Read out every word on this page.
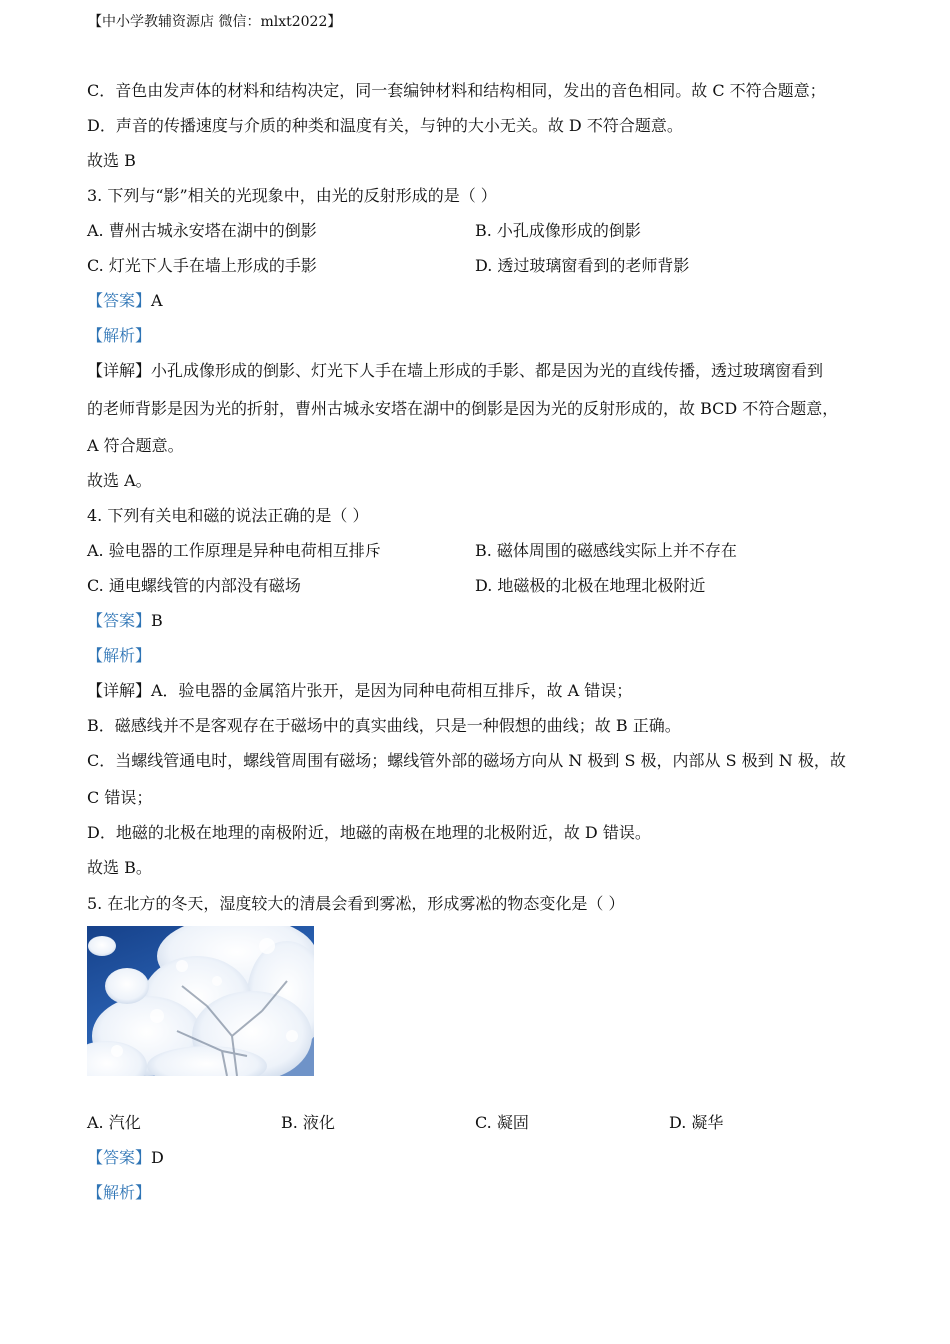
【中小学教辅资源店 微信：mlxt2022】
C．音色由发声体的材料和结构决定，同一套编钟材料和结构相同，发出的音色相同。故 C 不符合题意；
D．声音的传播速度与介质的种类和温度有关，与钟的大小无关。故 D 不符合题意。
故选 B
3. 下列与“影”相关的光现象中，由光的反射形成的是（ ）
A. 曹州古城永安塔在湖中的倒影	B. 小孔成像形成的倒影
C. 灯光下人手在墙上形成的手影	D. 透过玻璃窗看到的老师背影
【答案】A
【解析】
【详解】小孔成像形成的倒影、灯光下人手在墙上形成的手影、都是因为光的直线传播，透过玻璃窗看到
的老师背影是因为光的折射，曹州古城永安塔在湖中的倒影是因为光的反射形成的，故 BCD 不符合题意，
A 符合题意。
故选 A。
4. 下列有关电和磁的说法正确的是（ ）
A. 验电器的工作原理是异种电荷相互排斥	B. 磁体周围的磁感线实际上并不存在
C. 通电螺线管的内部没有磁场	D. 地磁极的北极在地理北极附近
【答案】B
【解析】
【详解】A．验电器的金属箔片张开，是因为同种电荷相互排斥，故 A 错误；
B．磁感线并不是客观存在于磁场中的真实曲线，只是一种假想的曲线；故 B 正确。
C．当螺线管通电时，螺线管周围有磁场；螺线管外部的磁场方向从 N 极到 S 极，内部从 S 极到 N 极，故
C 错误；
D．地磁的北极在地理的南极附近，地磁的南极在地理的北极附近，故 D 错误。
故选 B。
5. 在北方的冬天，湿度较大的清晨会看到雾凇，形成雾凇的物态变化是（ ）
A. 汽化	B. 液化	C. 凝固	D. 凝华
【答案】D
【解析】
